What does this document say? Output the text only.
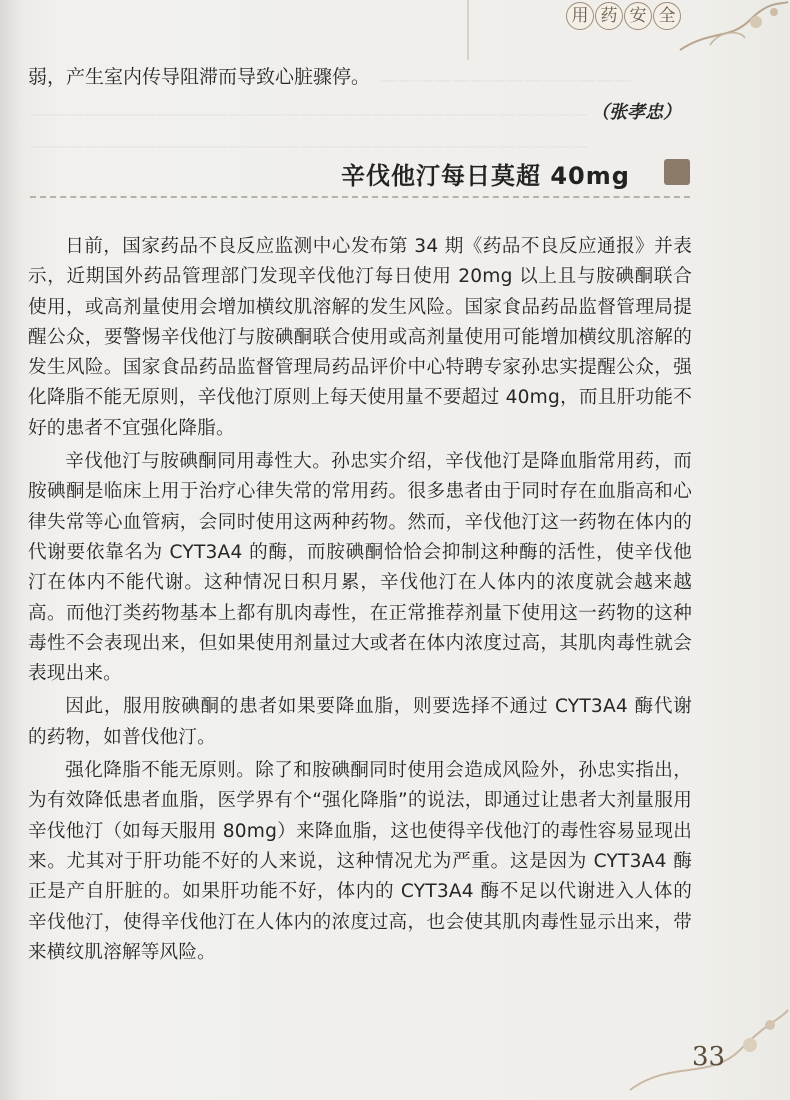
——————————————
———————————————————————————————
———————————————————————————————
用 药 安 全
弱，产生室内传导阻滞而导致心脏骤停。
（张孝忠）
辛伐他汀每日莫超 40mg

日前，国家药品不良反应监测中心发布第 34 期《药品不良反应通报》并表示，近期国外药品管理部门发现辛伐他汀每日使用 20mg 以上且与胺碘酮联合使用，或高剂量使用会增加横纹肌溶解的发生风险。国家食品药品监督管理局提醒公众，要警惕辛伐他汀与胺碘酮联合使用或高剂量使用可能增加横纹肌溶解的发生风险。国家食品药品监督管理局药品评价中心特聘专家孙忠实提醒公众，强化降脂不能无原则，辛伐他汀原则上每天使用量不要超过 40mg，而且肝功能不好的患者不宜强化降脂。

辛伐他汀与胺碘酮同用毒性大。孙忠实介绍，辛伐他汀是降血脂常用药，而胺碘酮是临床上用于治疗心律失常的常用药。很多患者由于同时存在血脂高和心律失常等心血管病，会同时使用这两种药物。然而，辛伐他汀这一药物在体内的代谢要依靠名为 CYT3A4 的酶，而胺碘酮恰恰会抑制这种酶的活性，使辛伐他汀在体内不能代谢。这种情况日积月累，辛伐他汀在人体内的浓度就会越来越高。而他汀类药物基本上都有肌肉毒性，在正常推荐剂量下使用这一药物的这种毒性不会表现出来，但如果使用剂量过大或者在体内浓度过高，其肌肉毒性就会表现出来。

因此，服用胺碘酮的患者如果要降血脂，则要选择不通过 CYT3A4 酶代谢的药物，如普伐他汀。

强化降脂不能无原则。除了和胺碘酮同时使用会造成风险外，孙忠实指出，为有效降低患者血脂，医学界有个“强化降脂”的说法，即通过让患者大剂量服用辛伐他汀（如每天服用 80mg）来降血脂，这也使得辛伐他汀的毒性容易显现出来。尤其对于肝功能不好的人来说，这种情况尤为严重。这是因为 CYT3A4 酶正是产自肝脏的。如果肝功能不好，体内的 CYT3A4 酶不足以代谢进入人体的辛伐他汀，使得辛伐他汀在人体内的浓度过高，也会使其肌肉毒性显示出来，带来横纹肌溶解等风险。

33
